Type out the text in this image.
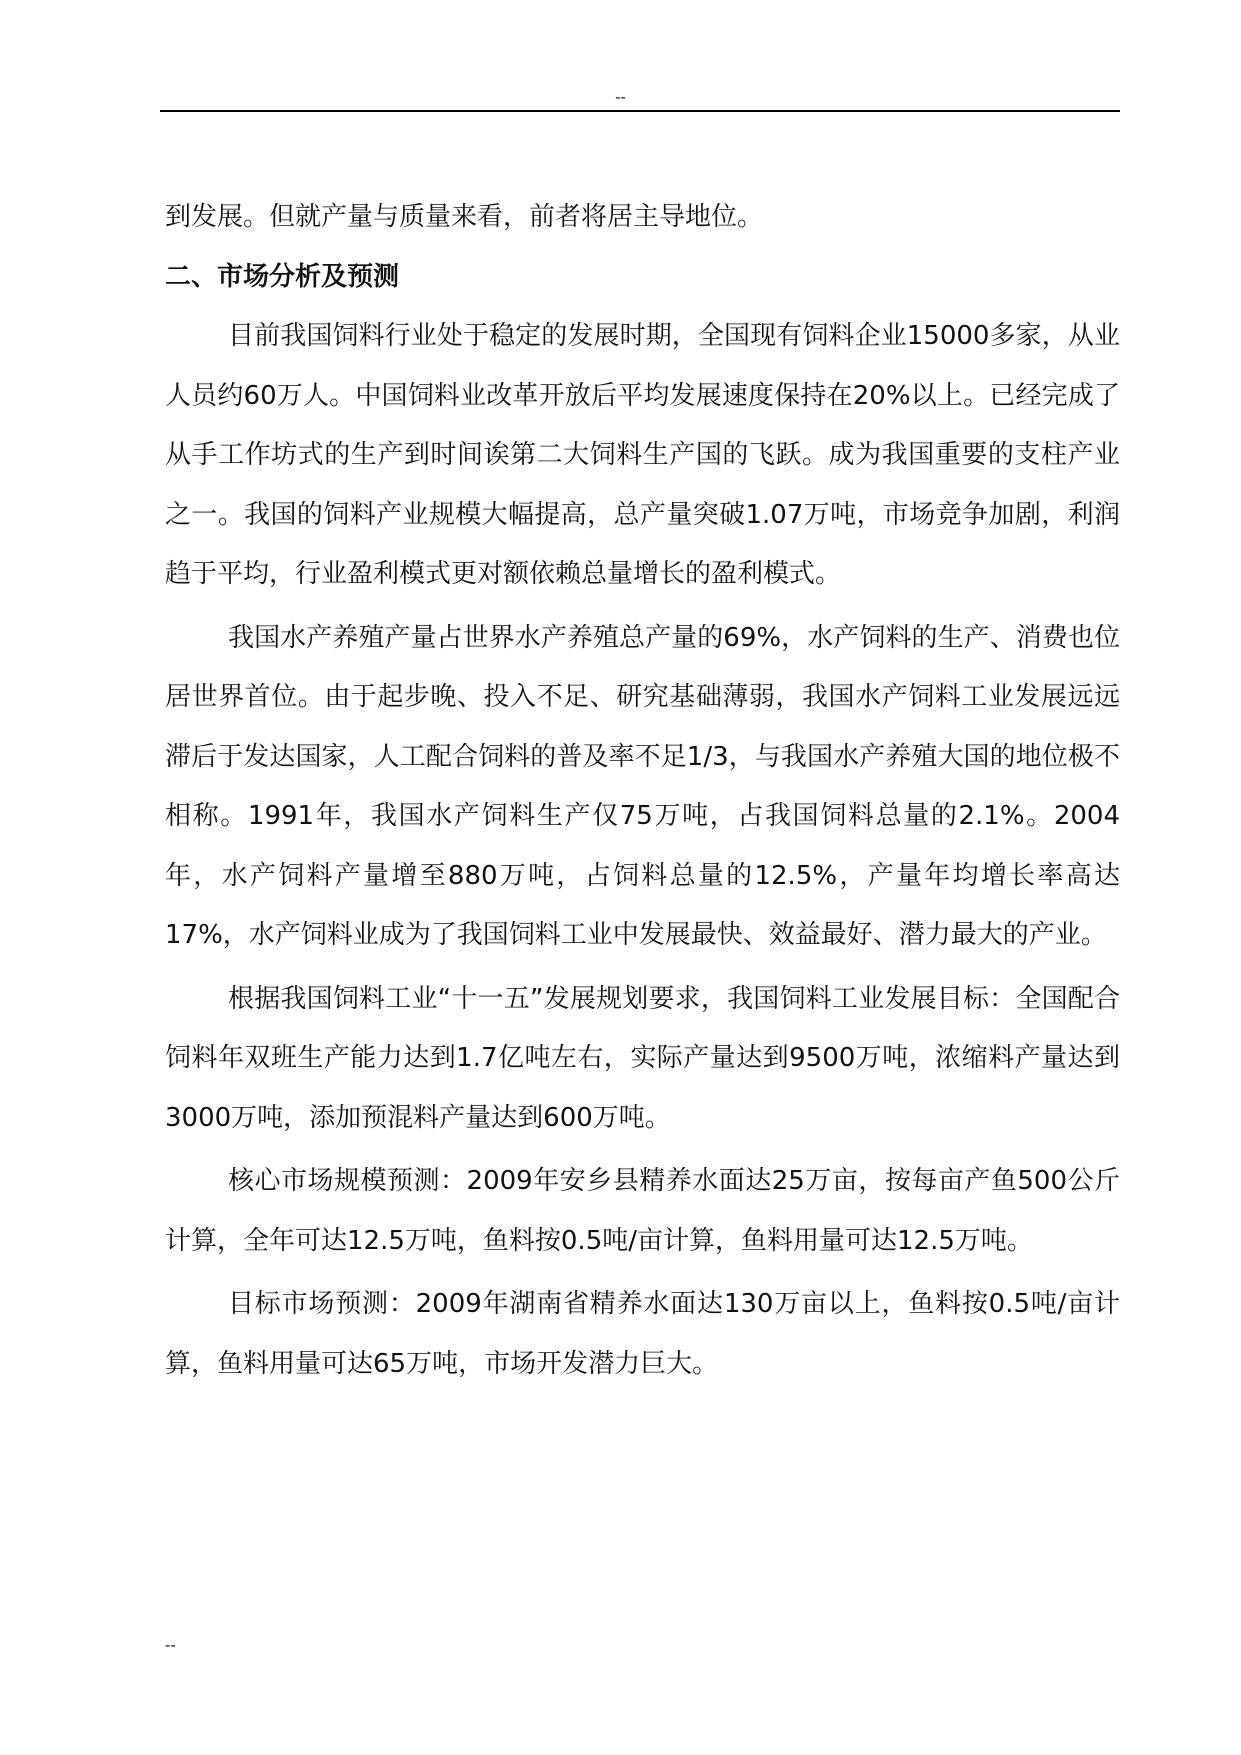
--

到发展。但就产量与质量来看，前者将居主导地位。

二、市场分析及预测

目前我国饲料行业处于稳定的发展时期，全国现有饲料企业15000多家，从业人员约60万人。中国饲料业改革开放后平均发展速度保持在20%以上。已经完成了从手工作坊式的生产到时间诶第二大饲料生产国的飞跃。成为我国重要的支柱产业之一。我国的饲料产业规模大幅提高，总产量突破1.07万吨，市场竞争加剧，利润趋于平均，行业盈利模式更对额依赖总量增长的盈利模式。

我国水产养殖产量占世界水产养殖总产量的69%，水产饲料的生产、消费也位居世界首位。由于起步晚、投入不足、研究基础薄弱，我国水产饲料工业发展远远滞后于发达国家，人工配合饲料的普及率不足1/3，与我国水产养殖大国的地位极不相称。1991年，我国水产饲料生产仅75万吨，占我国饲料总量的2.1%。2004年，水产饲料产量增至880万吨，占饲料总量的12.5%，产量年均增长率高达17%，水产饲料业成为了我国饲料工业中发展最快、效益最好、潜力最大的产业。

根据我国饲料工业“十一五”发展规划要求，我国饲料工业发展目标：全国配合饲料年双班生产能力达到1.7亿吨左右，实际产量达到9500万吨，浓缩料产量达到3000万吨，添加预混料产量达到600万吨。

核心市场规模预测：2009年安乡县精养水面达25万亩，按每亩产鱼500公斤计算，全年可达12.5万吨，鱼料按0.5吨/亩计算，鱼料用量可达12.5万吨。

目标市场预测：2009年湖南省精养水面达130万亩以上，鱼料按0.5吨/亩计算，鱼料用量可达65万吨，市场开发潜力巨大。

--
